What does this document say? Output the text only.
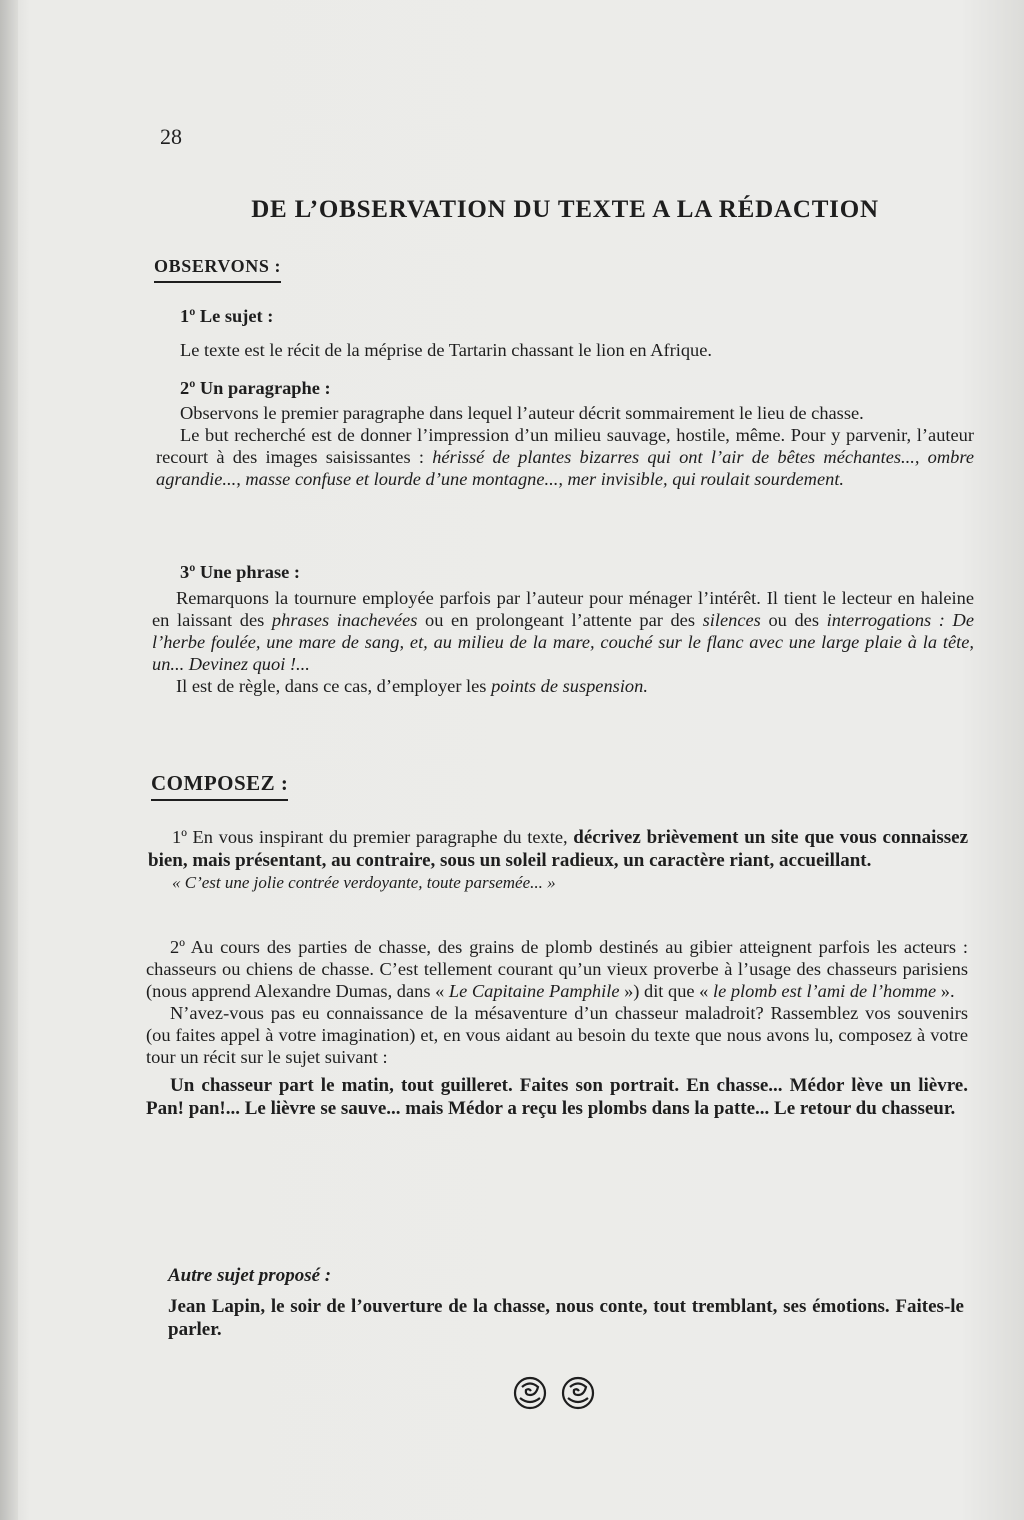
28
DE L’OBSERVATION DU TEXTE A LA RÉDACTION
OBSERVONS :

1º Le sujet :

Le texte est le récit de la méprise de Tartarin chassant le lion en Afrique.

2º Un paragraphe :

Observons le premier paragraphe dans lequel l’auteur décrit sommairement le lieu de chasse.

Le but recherché est de donner l’impression d’un milieu sauvage, hostile, même. Pour y parvenir, l’auteur recourt à des images saisissantes : hérissé de plantes bizarres qui ont l’air de bêtes méchantes..., ombre agrandie..., masse confuse et lourde d’une montagne..., mer invisible, qui roulait sourdement.

3º Une phrase :

Remarquons la tournure employée parfois par l’auteur pour ménager l’intérêt. Il tient le lecteur en haleine en laissant des phrases inachevées ou en prolongeant l’attente par des silences ou des interrogations : De l’herbe foulée, une mare de sang, et, au milieu de la mare, couché sur le flanc avec une large plaie à la tête, un... Devinez quoi !...

Il est de règle, dans ce cas, d’employer les points de suspension.

COMPOSEZ :

1º En vous inspirant du premier paragraphe du texte, décrivez brièvement un site que vous connaissez bien, mais présentant, au contraire, sous un soleil radieux, un caractère riant, accueillant.

« C’est une jolie contrée verdoyante, toute parsemée... »

2º Au cours des parties de chasse, des grains de plomb destinés au gibier atteignent parfois les acteurs : chasseurs ou chiens de chasse. C’est tellement courant qu’un vieux proverbe à l’usage des chasseurs parisiens (nous apprend Alexandre Dumas, dans « Le Capitaine Pamphile ») dit que « le plomb est l’ami de l’homme ».

N’avez-vous pas eu connaissance de la mésaventure d’un chasseur maladroit? Rassemblez vos souvenirs (ou faites appel à votre imagination) et, en vous aidant au besoin du texte que nous avons lu, composez à votre tour un récit sur le sujet suivant :

Un chasseur part le matin, tout guilleret. Faites son portrait. En chasse... Médor lève un lièvre. Pan! pan!... Le lièvre se sauve... mais Médor a reçu les plombs dans la patte... Le retour du chasseur.

Autre sujet proposé :

Jean Lapin, le soir de l’ouverture de la chasse, nous conte, tout tremblant, ses émotions. Faites-le parler.
